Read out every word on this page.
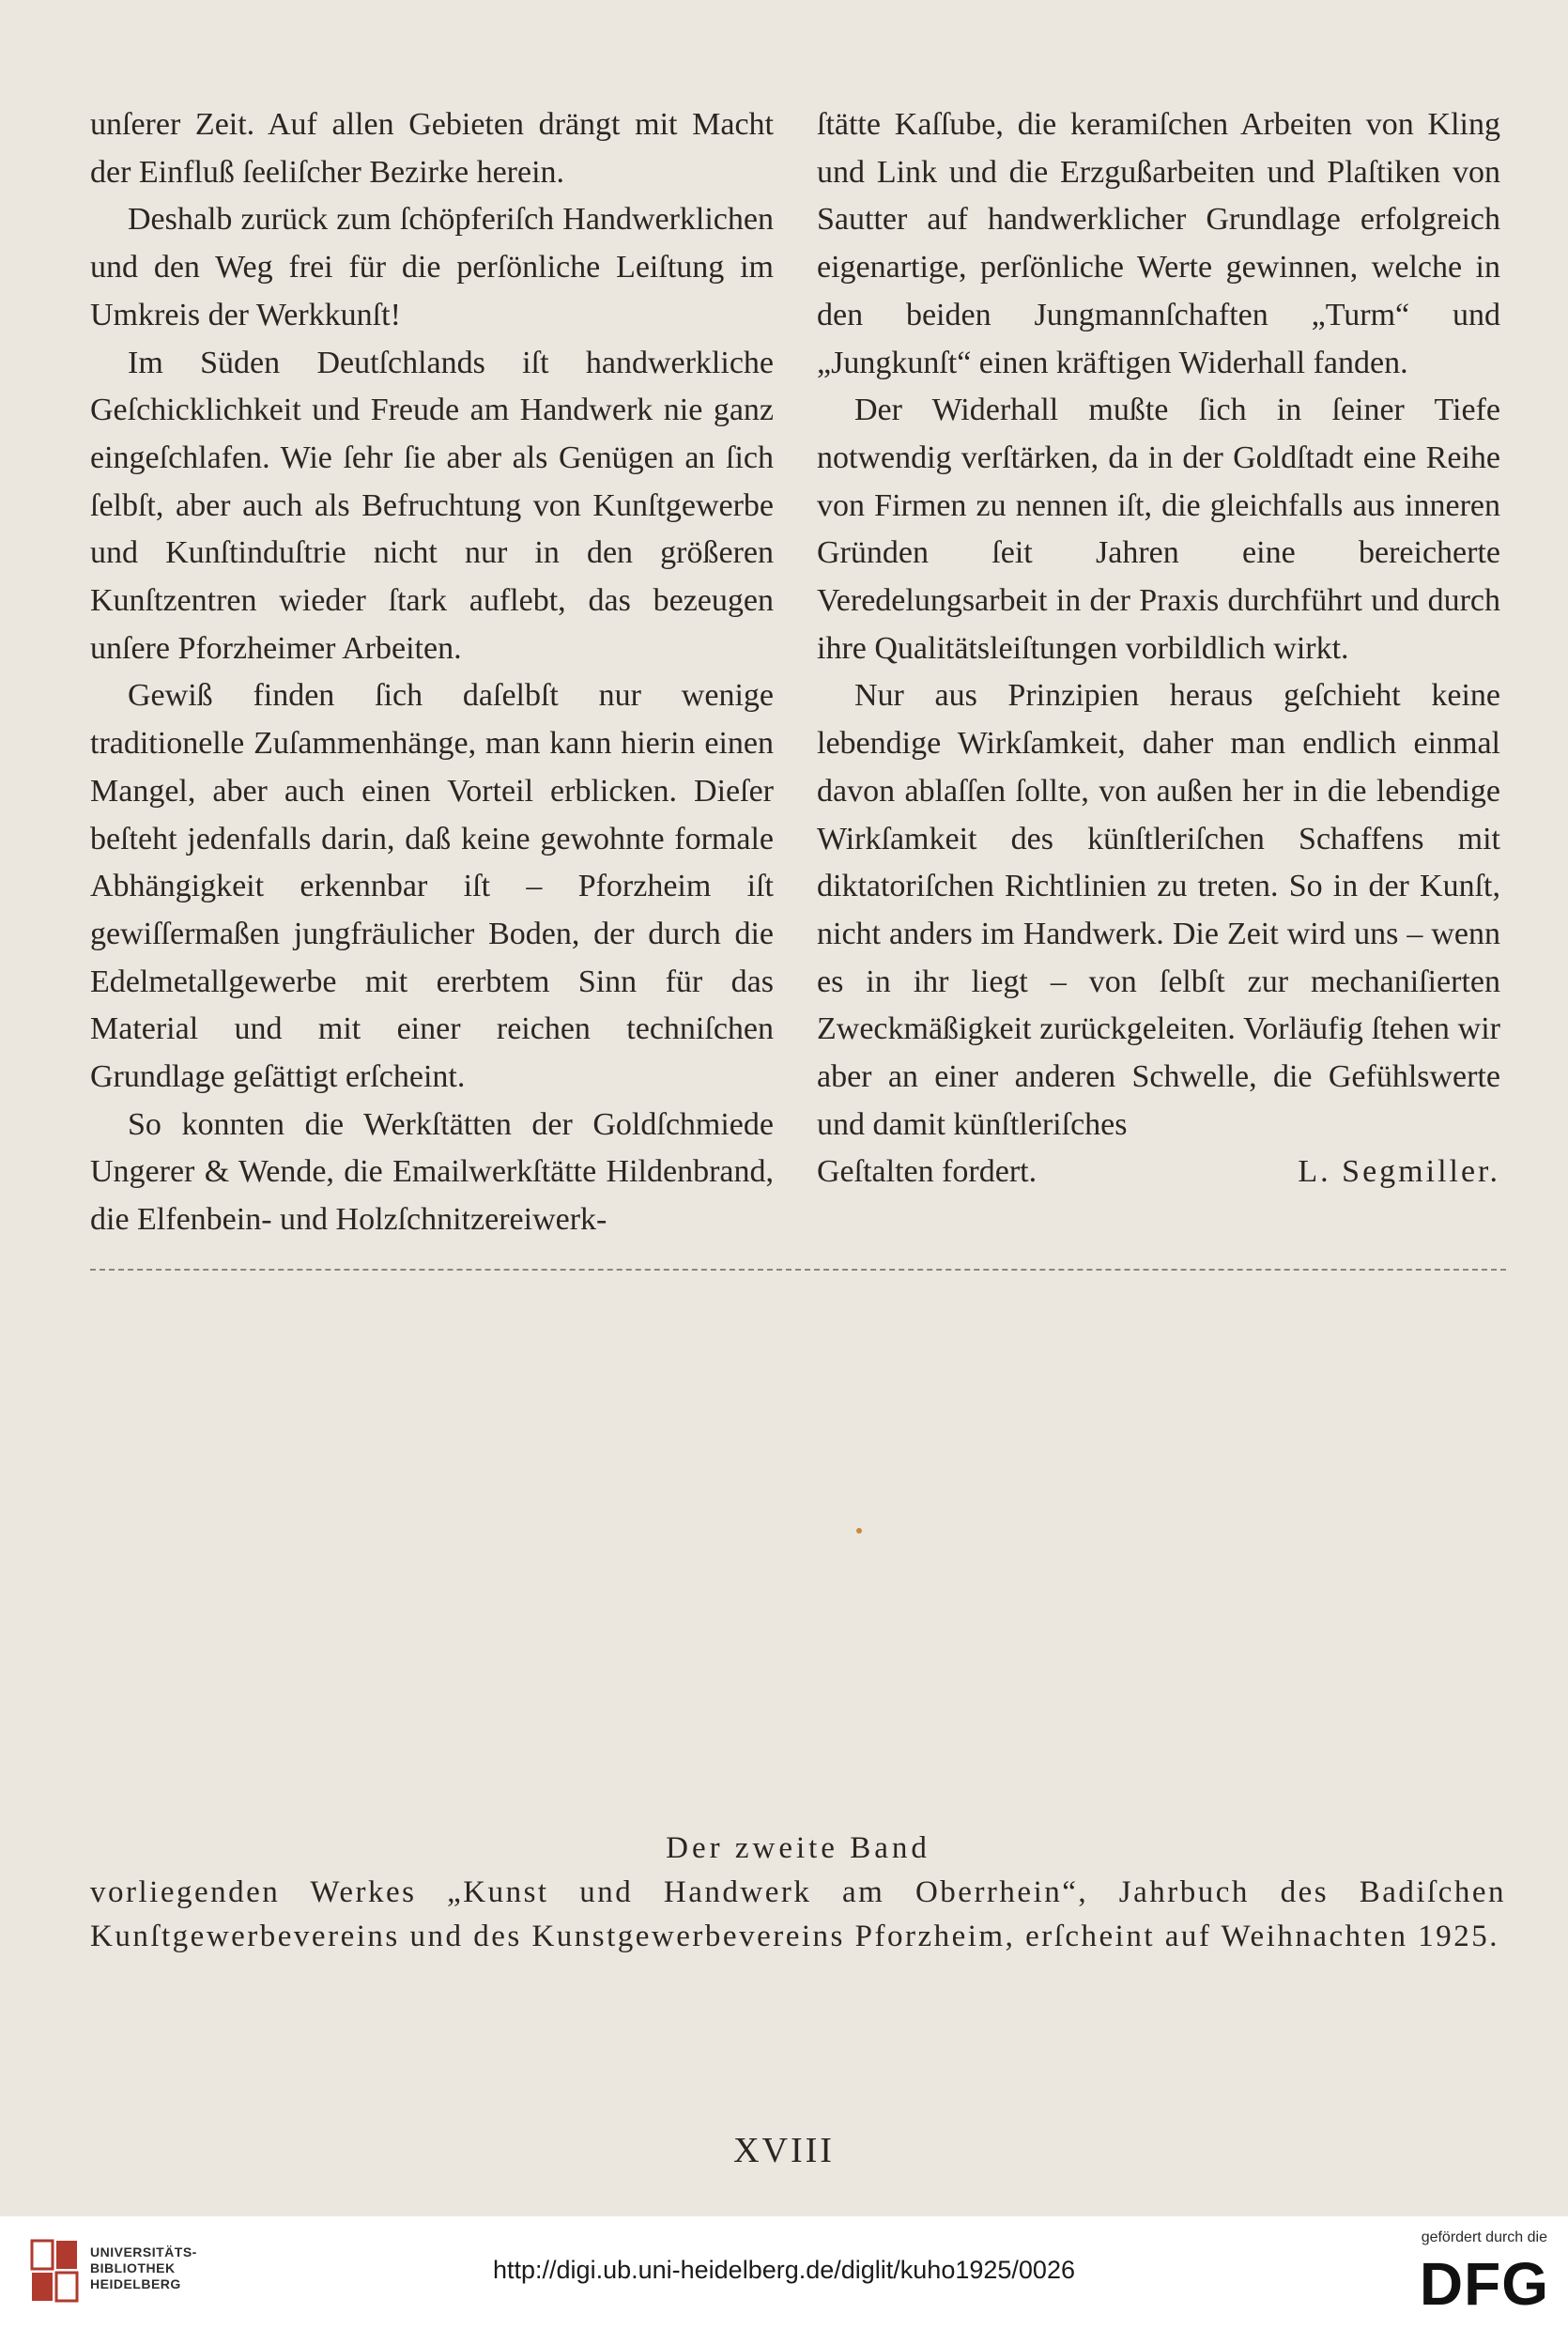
unſerer Zeit. Auf allen Gebieten drängt mit Macht der Einfluß ſeeliſcher Bezirke herein.

Deshalb zurück zum ſchöpferiſch Handwerklichen und den Weg frei für die perſönliche Leiſtung im Umkreis der Werkkunſt!

Im Süden Deutſchlands iſt handwerkliche Geſchicklichkeit und Freude am Handwerk nie ganz eingeſchlafen. Wie ſehr ſie aber als Genügen an ſich ſelbſt, aber auch als Befruchtung von Kunſtgewerbe und Kunſtinduſtrie nicht nur in den größeren Kunſtzentren wieder ſtark auflebt, das bezeugen unſere Pforzheimer Arbeiten.

Gewiß finden ſich daſelbſt nur wenige traditionelle Zuſammenhänge, man kann hierin einen Mangel, aber auch einen Vorteil erblicken. Dieſer beſteht jedenfalls darin, daß keine gewohnte formale Abhängigkeit erkennbar iſt – Pforzheim iſt gewiſſermaßen jungfräulicher Boden, der durch die Edelmetallgewerbe mit ererbtem Sinn für das Material und mit einer reichen techniſchen Grundlage geſättigt erſcheint.

So konnten die Werkſtätten der Goldſchmiede Ungerer & Wende, die Emailwerkſtätte Hildenbrand, die Elfenbein- und Holzſchnitzereiwerk-

ſtätte Kaſſube, die keramiſchen Arbeiten von Kling und Link und die Erzgußarbeiten und Plaſtiken von Sautter auf handwerklicher Grundlage erfolgreich eigenartige, perſönliche Werte gewinnen, welche in den beiden Jungmannſchaften „Turm“ und „Jungkunſt“ einen kräftigen Widerhall fanden.

Der Widerhall mußte ſich in ſeiner Tiefe notwendig verſtärken, da in der Goldſtadt eine Reihe von Firmen zu nennen iſt, die gleichfalls aus inneren Gründen ſeit Jahren eine bereicherte Veredelungsarbeit in der Praxis durchführt und durch ihre Qualitätsleiſtungen vorbildlich wirkt.

Nur aus Prinzipien heraus geſchieht keine lebendige Wirkſamkeit, daher man endlich einmal davon ablaſſen ſollte, von außen her in die lebendige Wirkſamkeit des künſtleriſchen Schaffens mit diktatoriſchen Richtlinien zu treten. So in der Kunſt, nicht anders im Handwerk. Die Zeit wird uns – wenn es in ihr liegt – von ſelbſt zur mechaniſierten Zweckmäßigkeit zurückgeleiten. Vorläufig ſtehen wir aber an einer anderen Schwelle, die Gefühlswerte und damit künſtleriſches

Geſtalten fordert.	L. Segmiller.
Der zweite Band
vorliegenden Werkes „Kunst und Handwerk am Oberrhein“, Jahrbuch des Badiſchen
Kunſtgewerbevereins und des Kunstgewerbevereins Pforzheim, erſcheint auf Weihnachten 1925.
XVIII
UNIVERSITÄTS-
BIBLIOTHEK
HEIDELBERG	http://digi.ub.uni-heidelberg.de/diglit/kuho1925/0026
gefördert durch die
DFG
